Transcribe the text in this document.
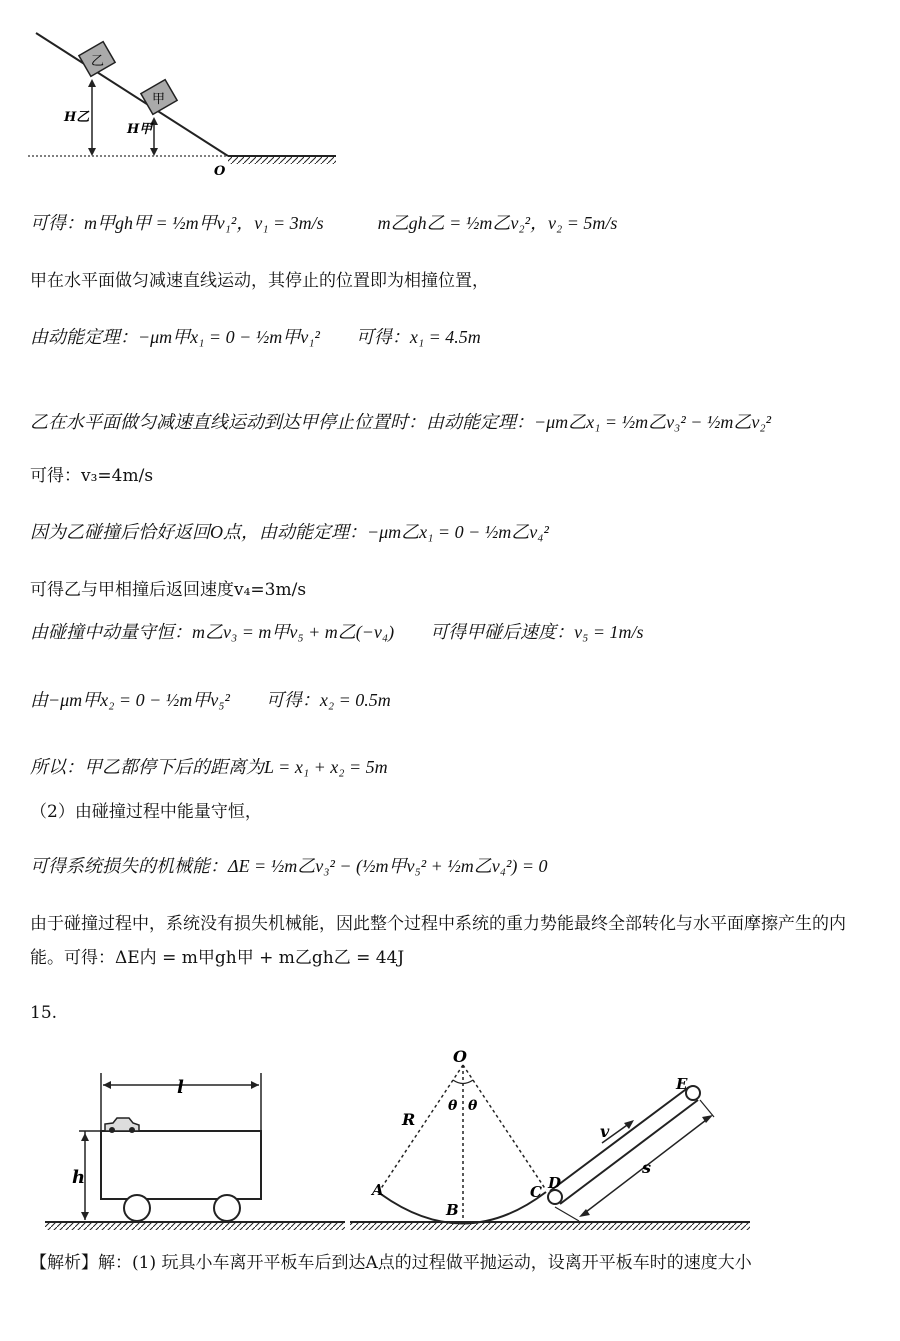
乙
甲
H乙
H甲
O
可得：m甲gh甲 = ½m甲v₁²，v₁ = 3m/s　　　m乙gh乙 = ½m乙v₂²，v₂ = 5m/s
甲在水平面做匀减速直线运动，其停止的位置即为相撞位置，
由动能定理：−μm甲x₁ = 0 − ½m甲v₁²　　可得：x₁ = 4.5m
乙在水平面做匀减速直线运动到达甲停止位置时：由动能定理：−μm乙x₁ = ½m乙v₃² − ½m乙v₂²
可得：v₃=4m/s
因为乙碰撞后恰好返回O点，由动能定理：−μm乙x₁ = 0 − ½m乙v₄²
可得乙与甲相撞后返回速度v₄=3m/s
由碰撞中动量守恒：m乙v₃ = m甲v₅ + m乙(−v₄)　　可得甲碰后速度：v₅ = 1m/s
由−μm甲x₂ = 0 − ½m甲v₅²　　可得：x₂ = 0.5m
所以：甲乙都停下后的距离为L = x₁ + x₂ = 5m
（2）由碰撞过程中能量守恒，
可得系统损失的机械能：ΔE = ½m乙v₃² − (½m甲v₅² + ½m乙v₄²) = 0
由于碰撞过程中，系统没有损失机械能，因此整个过程中系统的重力势能最终全部转化与水平面摩擦产生的内能。可得：ΔE内 = m甲gh甲 + m乙gh乙 = 44J
15.
l
h
O
R
θ θ
A
B
C D
E
v
s
【解析】解：(1) 玩具小车离开平板车后到达A点的过程做平抛运动，设离开平板车时的速度大小
